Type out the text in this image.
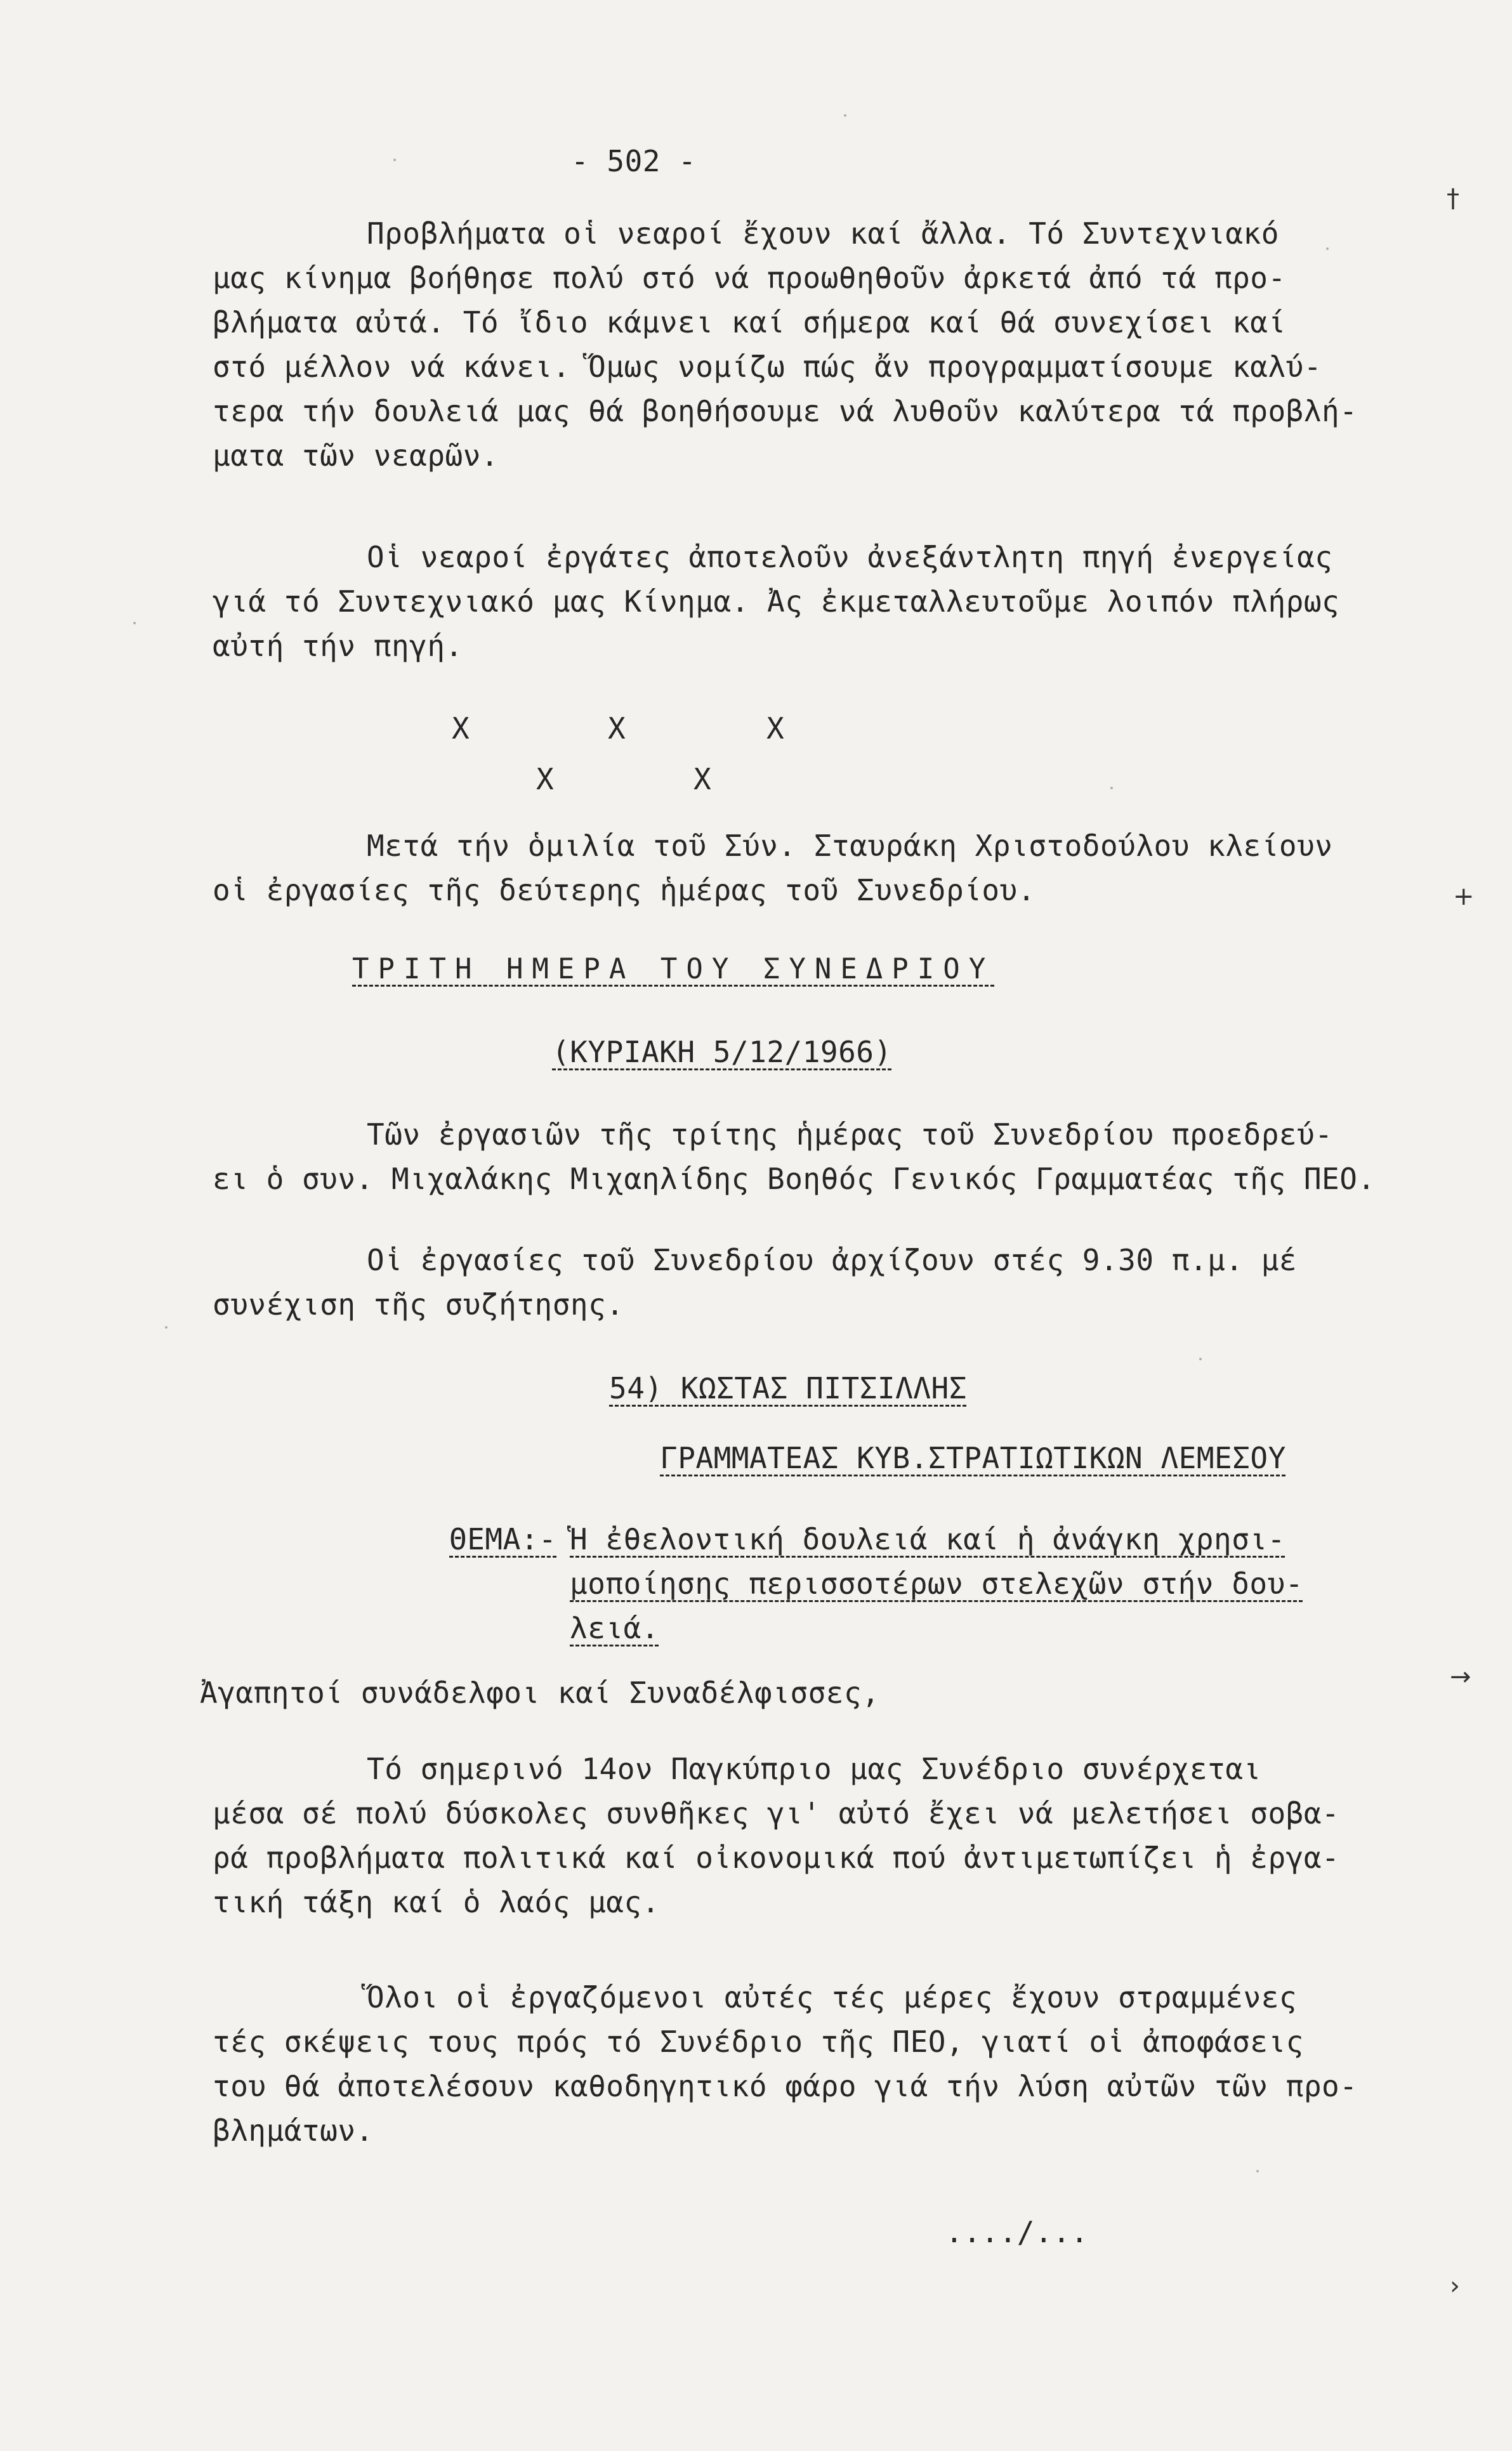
- 502 -
Προβλήματα οἱ νεαροί ἔχουν καί ἄλλα. Τό Συντεχνιακό
μας κίνημα βοήθησε πολύ στό νά προωθηθοῦν ἀρκετά ἀπό τά προ-
βλήματα αὐτά. Τό ἴδιο κάμνει καί σήμερα καί θά συνεχίσει καί
στό μέλλον νά κάνει. Ὅμως νομίζω πώς ἄν προγραμματίσουμε καλύ-
τερα τήν δουλειά μας θά βοηθήσουμε νά λυθοῦν καλύτερα τά προβλή-
ματα τῶν νεαρῶν.
Οἱ νεαροί ἐργάτες ἀποτελοῦν ἀνεξάντλητη πηγή ἐνεργείας
γιά τό Συντεχνιακό μας Κίνημα. Ἀς ἐκμεταλλευτοῦμε λοιπόν πλήρως
αὐτή τήν πηγή.
X	X	X
X	X
Μετά τήν ὁμιλία τοῦ Σύν. Σταυράκη Χριστοδούλου κλείουν
οἱ ἐργασίες τῆς δεύτερης ἡμέρας τοῦ Συνεδρίου.
ΤΡΙΤΗ ΗΜΕΡΑ ΤΟΥ ΣΥΝΕΔΡΙΟΥ
(ΚΥΡΙΑΚΗ 5/12/1966)
Τῶν ἐργασιῶν τῆς τρίτης ἡμέρας τοῦ Συνεδρίου προεδρεύ-
ει ὁ συν. Μιχαλάκης Μιχαηλίδης Βοηθός Γενικός Γραμματέας τῆς ΠΕΟ.
Οἱ ἐργασίες τοῦ Συνεδρίου ἀρχίζουν στές 9.30 π.μ. μέ
συνέχιση τῆς συζήτησης.
54) ΚΩΣΤΑΣ ΠΙΤΣΙΛΛΗΣ
ΓΡΑΜΜΑΤΕΑΣ ΚΥΒ.ΣΤΡΑΤΙΩΤΙΚΩΝ ΛΕΜΕΣΟΥ
ΘΕΜΑ:- Ἡ ἐθελοντική δουλειά καί ἡ ἀνάγκη χρησι-
μοποίησης περισσοτέρων στελεχῶν στήν δου-
λειά.
Ἀγαπητοί συνάδελφοι καί Συναδέλφισσες,
Τό σημερινό 14ον Παγκύπριο μας Συνέδριο συνέρχεται
μέσα σέ πολύ δύσκολες συνθῆκες γι' αὐτό ἔχει νά μελετήσει σοβα-
ρά προβλήματα πολιτικά καί οἰκονομικά πού ἀντιμετωπίζει ἡ ἐργα-
τική τάξη καί ὁ λαός μας.
Ὅλοι οἱ ἐργαζόμενοι αὐτές τές μέρες ἔχουν στραμμένες
τές σκέψεις τους πρός τό Συνέδριο τῆς ΠΕΟ, γιατί οἱ ἀποφάσεις
του θά ἀποτελέσουν καθοδηγητικό φάρο γιά τήν λύση αὐτῶν τῶν προ-
βλημάτων.
..../...
†
+
→
›
